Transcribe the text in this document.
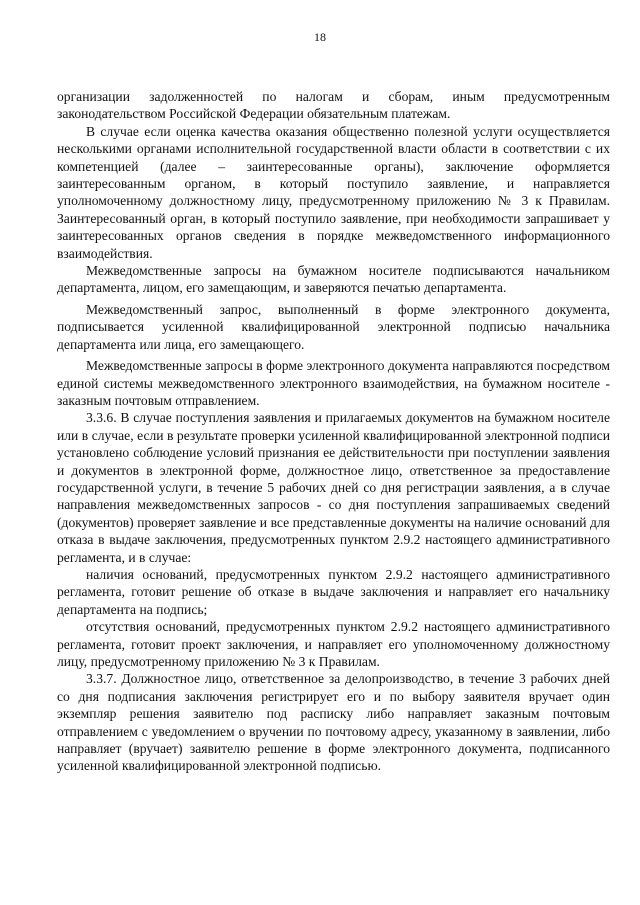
18

организации задолженностей по налогам и сборам, иным предусмотренным законодательством Российской Федерации обязательным платежам.

В случае если оценка качества оказания общественно полезной услуги осуществляется несколькими органами исполнительной государственной власти области в соответствии с их компетенцией (далее – заинтересованные органы), заключение оформляется заинтересованным органом, в который поступило заявление, и направляется уполномоченному должностному лицу, предусмотренному приложению № 3 к Правилам. Заинтересованный орган, в который поступило заявление, при необходимости запрашивает у заинтересованных органов сведения в порядке межведомственного информационного взаимодействия.

Межведомственные запросы на бумажном носителе подписываются начальником департамента, лицом, его замещающим, и заверяются печатью департамента.

Межведомственный запрос, выполненный в форме электронного документа, подписывается усиленной квалифицированной электронной подписью начальника департамента или лица, его замещающего.

Межведомственные запросы в форме электронного документа направляются посредством единой системы межведомственного электронного взаимодействия, на бумажном носителе - заказным почтовым отправлением.

3.3.6. В случае поступления заявления и прилагаемых документов на бумажном носителе или в случае, если в результате проверки усиленной квалифицированной электронной подписи установлено соблюдение условий признания ее действительности при поступлении заявления и документов в электронной форме, должностное лицо, ответственное за предоставление государственной услуги, в течение 5 рабочих дней со дня регистрации заявления, а в случае направления межведомственных запросов - со дня поступления запрашиваемых сведений (документов) проверяет заявление и все представленные документы на наличие оснований для отказа в выдаче заключения, предусмотренных пунктом 2.9.2 настоящего административного регламента, и в случае:

наличия оснований, предусмотренных пунктом 2.9.2 настоящего административного регламента, готовит решение об отказе в выдаче заключения и направляет его начальнику департамента на подпись;

отсутствия оснований, предусмотренных пунктом 2.9.2 настоящего административного регламента, готовит проект заключения, и направляет его уполномоченному должностному лицу, предусмотренному приложению № 3 к Правилам.

3.3.7. Должностное лицо, ответственное за делопроизводство, в течение 3 рабочих дней со дня подписания заключения регистрирует его и по выбору заявителя вручает один экземпляр решения заявителю под расписку либо направляет заказным почтовым отправлением с уведомлением о вручении по почтовому адресу, указанному в заявлении, либо направляет (вручает) заявителю решение в форме электронного документа, подписанного усиленной квалифицированной электронной подписью.
